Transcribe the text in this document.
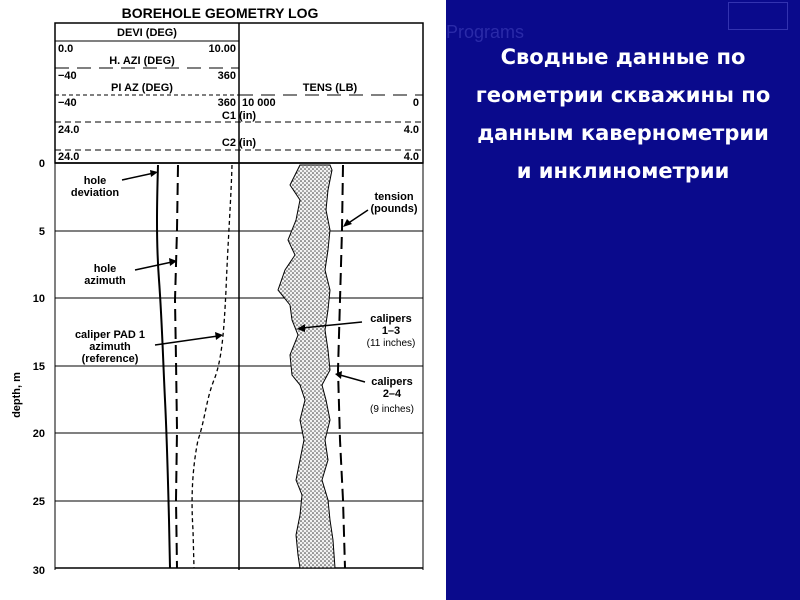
BOREHOLE GEOMETRY LOG
DEVI (DEG)
0.0	10.00
H. AZI (DEG)
−40	360
PI AZ (DEG)	TENS (LB)
−40	360 10 000	0
C1 (in)
24.0	4.0
C2 (in)
24.0	4.0
0
5
10
15
20
25
30
depth, m
hole
deviation
hole
azimuth
caliper PAD 1
azimuth
(reference)
tension
(pounds)
calipers
1–3
(11 inches)
calipers
2–4
(9 inches)
Programs
Сводные данные по
геометрии скважины по
данным кавернометрии
и инклинометрии
